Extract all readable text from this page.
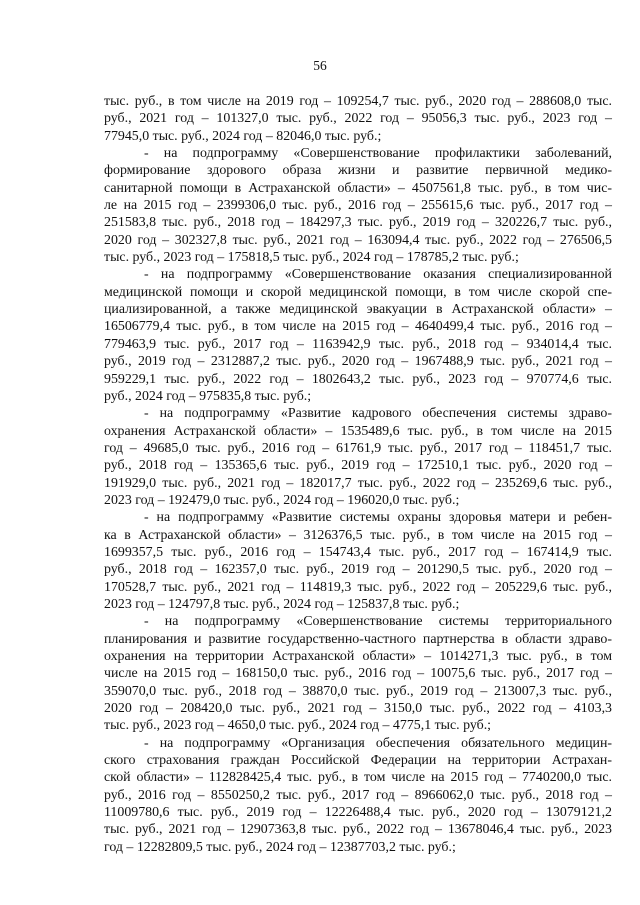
56
тыс. руб., в том числе на 2019 год – 109254,7 тыс. руб., 2020 год – 288608,0 тыс.
руб., 2021 год – 101327,0 тыс. руб., 2022 год – 95056,3 тыс. руб., 2023 год –
77945,0 тыс. руб., 2024 год – 82046,0 тыс. руб.;
- на подпрограмму «Совершенствование профилактики заболеваний,
формирование здорового образа жизни и развитие первичной медико-
санитарной помощи в Астраханской области» – 4507561,8 тыс. руб., в том чис-
ле на 2015 год – 2399306,0 тыс. руб., 2016 год – 255615,6 тыс. руб., 2017 год –
251583,8 тыс. руб., 2018 год – 184297,3 тыс. руб., 2019 год – 320226,7 тыс. руб.,
2020 год – 302327,8 тыс. руб., 2021 год – 163094,4 тыс. руб., 2022 год – 276506,5
тыс. руб., 2023 год – 175818,5 тыс. руб., 2024 год – 178785,2 тыс. руб.;
- на подпрограмму «Совершенствование оказания специализированной
медицинской помощи и скорой медицинской помощи, в том числе скорой спе-
циализированной, а также медицинской эвакуации в Астраханской области» –
16506779,4 тыс. руб., в том числе на 2015 год – 4640499,4 тыс. руб., 2016 год –
779463,9 тыс. руб., 2017 год – 1163942,9 тыс. руб., 2018 год – 934014,4 тыс.
руб., 2019 год – 2312887,2 тыс. руб., 2020 год – 1967488,9 тыс. руб., 2021 год –
959229,1 тыс. руб., 2022 год – 1802643,2 тыс. руб., 2023 год – 970774,6 тыс.
руб., 2024 год – 975835,8 тыс. руб.;
- на подпрограмму «Развитие кадрового обеспечения системы здраво-
охранения Астраханской области» – 1535489,6 тыс. руб., в том числе на 2015
год – 49685,0 тыс. руб., 2016 год – 61761,9 тыс. руб., 2017 год – 118451,7 тыс.
руб., 2018 год – 135365,6 тыс. руб., 2019 год – 172510,1 тыс. руб., 2020 год –
191929,0 тыс. руб., 2021 год – 182017,7 тыс. руб., 2022 год – 235269,6 тыс. руб.,
2023 год – 192479,0 тыс. руб., 2024 год – 196020,0 тыс. руб.;
- на подпрограмму «Развитие системы охраны здоровья матери и ребен-
ка в Астраханской области» – 3126376,5 тыс. руб., в том числе на 2015 год –
1699357,5 тыс. руб., 2016 год – 154743,4 тыс. руб., 2017 год – 167414,9 тыс.
руб., 2018 год – 162357,0 тыс. руб., 2019 год – 201290,5 тыс. руб., 2020 год –
170528,7 тыс. руб., 2021 год – 114819,3 тыс. руб., 2022 год – 205229,6 тыс. руб.,
2023 год – 124797,8 тыс. руб., 2024 год – 125837,8 тыс. руб.;
- на подпрограмму «Совершенствование системы территориального
планирования и развитие государственно-частного партнерства в области здраво-
охранения на территории Астраханской области» – 1014271,3 тыс. руб., в том
числе на 2015 год – 168150,0 тыс. руб., 2016 год – 10075,6 тыс. руб., 2017 год –
359070,0 тыс. руб., 2018 год – 38870,0 тыс. руб., 2019 год – 213007,3 тыс. руб.,
2020 год – 208420,0 тыс. руб., 2021 год – 3150,0 тыс. руб., 2022 год – 4103,3
тыс. руб., 2023 год – 4650,0 тыс. руб., 2024 год – 4775,1 тыс. руб.;
- на подпрограмму «Организация обеспечения обязательного медицин-
ского страхования граждан Российской Федерации на территории Астрахан-
ской области» – 112828425,4 тыс. руб., в том числе на 2015 год – 7740200,0 тыс.
руб., 2016 год – 8550250,2 тыс. руб., 2017 год – 8966062,0 тыс. руб., 2018 год –
11009780,6 тыс. руб., 2019 год – 12226488,4 тыс. руб., 2020 год – 13079121,2
тыс. руб., 2021 год – 12907363,8 тыс. руб., 2022 год – 13678046,4 тыс. руб., 2023
год – 12282809,5 тыс. руб., 2024 год – 12387703,2 тыс. руб.;
